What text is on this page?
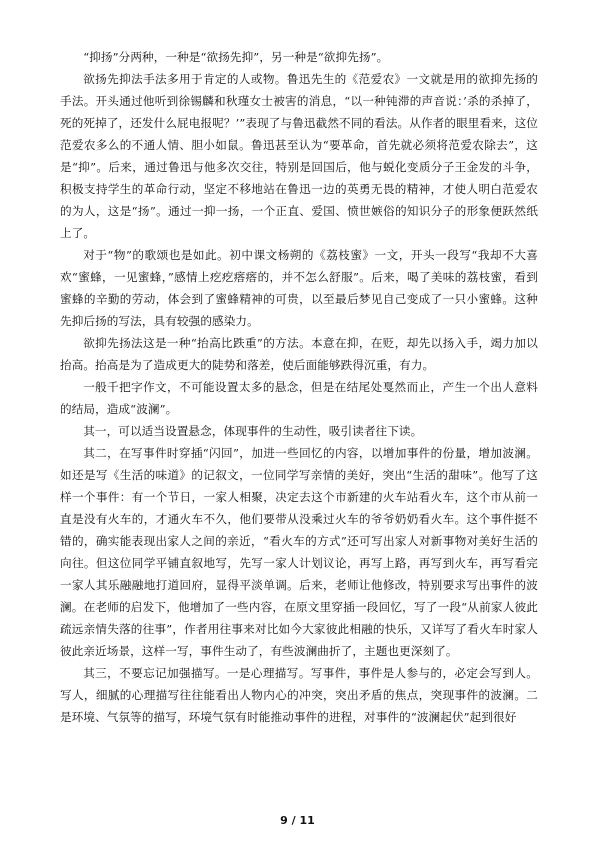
“抑扬”分两种，一种是“欲扬先抑”，另一种是“欲抑先扬”。

欲扬先抑法手法多用于肯定的人或物。鲁迅先生的《范爱农》一文就是用的欲抑先扬的手法。开头通过他听到徐锡麟和秋瑾女士被害的消息，“以一种钝滞的声音说：’杀的杀掉了，死的死掉了，还发什么屁电报呢？’”表现了与鲁迅截然不同的看法。从作者的眼里看来，这位范爱农多么的不通人情、胆小如鼠。鲁迅甚至认为“要革命，首先就必须将范爱农除去”，这是“抑”。后来，通过鲁迅与他多次交往，特别是回国后，他与蜕化变质分子王金发的斗争，积极支持学生的革命行动，坚定不移地站在鲁迅一边的英勇无畏的精神，才使人明白范爱农的为人，这是“扬”。通过一抑一扬，一个正直、爱国、愤世嫉俗的知识分子的形象便跃然纸上了。

对于“物”的歌颂也是如此。初中课文杨朔的《荔枝蜜》一文，开头一段写“我却不大喜欢“蜜蜂，一见蜜蜂，”感情上疙疙瘩瘩的，并不怎么舒服”。后来，喝了美味的荔枝蜜，看到蜜蜂的辛勤的劳动，体会到了蜜蜂精神的可贵，以至最后梦见自己变成了一只小蜜蜂。这种先抑后扬的写法，具有较强的感染力。

欲抑先扬法这是一种“抬高比跌重”的方法。本意在抑，在贬，却先以扬入手，竭力加以抬高。抬高是为了造成更大的陡势和落差，使后面能够跌得沉重，有力。

一般千把字作文，不可能设置太多的悬念，但是在结尾处戛然而止，产生一个出人意料的结局，造成“波澜”。

其一，可以适当设置悬念，体现事件的生动性，吸引读者往下读。

其二，在写事件时穿插“闪回”，加进一些回忆的内容，以增加事件的份量，增加波澜。如还是写《生活的味道》的记叙文，一位同学写亲情的美好，突出“生活的甜味”。他写了这样一个事件：有一个节日，一家人相聚，决定去这个市新建的火车站看火车，这个市从前一直是没有火车的，才通火车不久，他们要带从没乘过火车的爷爷奶奶看火车。这个事件挺不错的，确实能表现出家人之间的亲近，“看火车的方式”还可写出家人对新事物对美好生活的向往。但这位同学平铺直叙地写，先写一家人计划议论，再写上路，再写到火车，再写看完一家人其乐融融地打道回府，显得平淡单调。后来，老师让他修改，特别要求写出事件的波澜。在老师的启发下，他增加了一些内容，在原文里穿插一段回忆，写了一段“从前家人彼此疏远亲情失落的往事”，作者用往事来对比如今大家彼此相融的快乐，又详写了看火车时家人彼此亲近场景，这样一写，事件生动了，有些波澜曲折了，主题也更深刻了。

其三，不要忘记加强描写。一是心理描写。写事件，事件是人参与的，必定会写到人。写人，细腻的心理描写往往能看出人物内心的冲突，突出矛盾的焦点，突现事件的波澜。二是环境、气氛等的描写，环境气氛有时能推动事件的进程，对事件的“波澜起伏”起到很好

9 / 11
